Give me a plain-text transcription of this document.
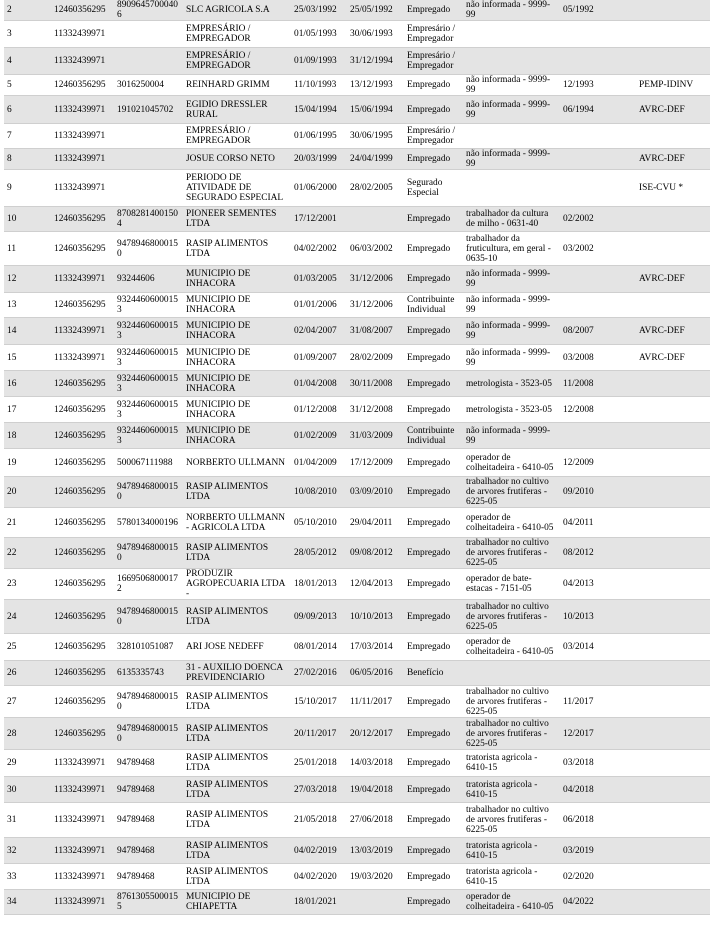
2	12460356295	89096457000406	SLC AGRICOLA S.A	25/03/1992	25/05/1992	Empregado	não informada - 9999-99	05/1992	
3	11332439971		EMPRESÁRIO / EMPREGADOR	01/05/1993	30/06/1993	Empresário / Empregador			
4	11332439971		EMPRESÁRIO / EMPREGADOR	01/09/1993	31/12/1994	Empresário / Empregador			
5	12460356295	3016250004	REINHARD GRIMM	11/10/1993	13/12/1993	Empregado	não informada - 9999-99	12/1993	PEMP-IDINV
6	11332439971	191021045702	EGIDIO DRESSLER RURAL	15/04/1994	15/06/1994	Empregado	não informada - 9999-99	06/1994	AVRC-DEF
7	11332439971		EMPRESÁRIO / EMPREGADOR	01/06/1995	30/06/1995	Empresário / Empregador			
8	11332439971		JOSUE CORSO NETO	20/03/1999	24/04/1999	Empregado	não informada - 9999-99		AVRC-DEF
9	11332439971		PERIODO DE ATIVIDADE DE SEGURADO ESPECIAL	01/06/2000	28/02/2005	Segurado Especial			ISE-CVU *
10	12460356295	87082814001504	PIONEER SEMENTES LTDA	17/12/2001		Empregado	trabalhador da cultura de milho - 0631-40	02/2002	
11	12460356295	94789468000150	RASIP ALIMENTOS LTDA	04/02/2002	06/03/2002	Empregado	trabalhador da fruticultura, em geral - 0635-10	03/2002	
12	11332439971	93244606	MUNICIPIO DE INHACORA	01/03/2005	31/12/2006	Empregado	não informada - 9999-99		AVRC-DEF
13	12460356295	93244606000153	MUNICIPIO DE INHACORA	01/01/2006	31/12/2006	Contribuinte Individual	não informada - 9999-99		
14	11332439971	93244606000153	MUNICIPIO DE INHACORA	02/04/2007	31/08/2007	Empregado	não informada - 9999-99	08/2007	AVRC-DEF
15	11332439971	93244606000153	MUNICIPIO DE INHACORA	01/09/2007	28/02/2009	Empregado	não informada - 9999-99	03/2008	AVRC-DEF
16	12460356295	93244606000153	MUNICIPIO DE INHACORA	01/04/2008	30/11/2008	Empregado	metrologista - 3523-05	11/2008	
17	12460356295	93244606000153	MUNICIPIO DE INHACORA	01/12/2008	31/12/2008	Empregado	metrologista - 3523-05	12/2008	
18	12460356295	93244606000153	MUNICIPIO DE INHACORA	01/02/2009	31/03/2009	Contribuinte Individual	não informada - 9999-99		
19	12460356295	500067111988	NORBERTO ULLMANN	01/04/2009	17/12/2009	Empregado	operador de colheitadeira - 6410-05	12/2009	
20	12460356295	94789468000150	RASIP ALIMENTOS LTDA	10/08/2010	03/09/2010	Empregado	trabalhador no cultivo de arvores frutiferas - 6225-05	09/2010	
21	12460356295	5780134000196	NORBERTO ULLMANN - AGRICOLA LTDA	05/10/2010	29/04/2011	Empregado	operador de colheitadeira - 6410-05	04/2011	
22	12460356295	94789468000150	RASIP ALIMENTOS LTDA	28/05/2012	09/08/2012	Empregado	trabalhador no cultivo de arvores frutiferas - 6225-05	08/2012	
23	12460356295	16695068000172	PRODUZIR AGROPECUARIA LTDA -	18/01/2013	12/04/2013	Empregado	operador de bate-estacas - 7151-05	04/2013	
24	12460356295	94789468000150	RASIP ALIMENTOS LTDA	09/09/2013	10/10/2013	Empregado	trabalhador no cultivo de arvores frutiferas - 6225-05	10/2013	
25	12460356295	328101051087	ARI JOSE NEDEFF	08/01/2014	17/03/2014	Empregado	operador de colheitadeira - 6410-05	03/2014	
26	12460356295	6135335743	31 - AUXILIO DOENCA PREVIDENCIARIO	27/02/2016	06/05/2016	Benefício			
27	12460356295	94789468000150	RASIP ALIMENTOS LTDA	15/10/2017	11/11/2017	Empregado	trabalhador no cultivo de arvores frutiferas - 6225-05	11/2017	
28	12460356295	94789468000150	RASIP ALIMENTOS LTDA	20/11/2017	20/12/2017	Empregado	trabalhador no cultivo de arvores frutiferas - 6225-05	12/2017	
29	11332439971	94789468	RASIP ALIMENTOS LTDA	25/01/2018	14/03/2018	Empregado	tratorista agricola - 6410-15	03/2018	
30	11332439971	94789468	RASIP ALIMENTOS LTDA	27/03/2018	19/04/2018	Empregado	tratorista agricola - 6410-15	04/2018	
31	11332439971	94789468	RASIP ALIMENTOS LTDA	21/05/2018	27/06/2018	Empregado	trabalhador no cultivo de arvores frutiferas - 6225-05	06/2018	
32	11332439971	94789468	RASIP ALIMENTOS LTDA	04/02/2019	13/03/2019	Empregado	tratorista agricola - 6410-15	03/2019	
33	11332439971	94789468	RASIP ALIMENTOS LTDA	04/02/2020	19/03/2020	Empregado	tratorista agricola - 6410-15	02/2020	
34	11332439971	87613055000155	MUNICIPIO DE CHIAPETTA	18/01/2021		Empregado	operador de colheitadeira - 6410-05	04/2022	
